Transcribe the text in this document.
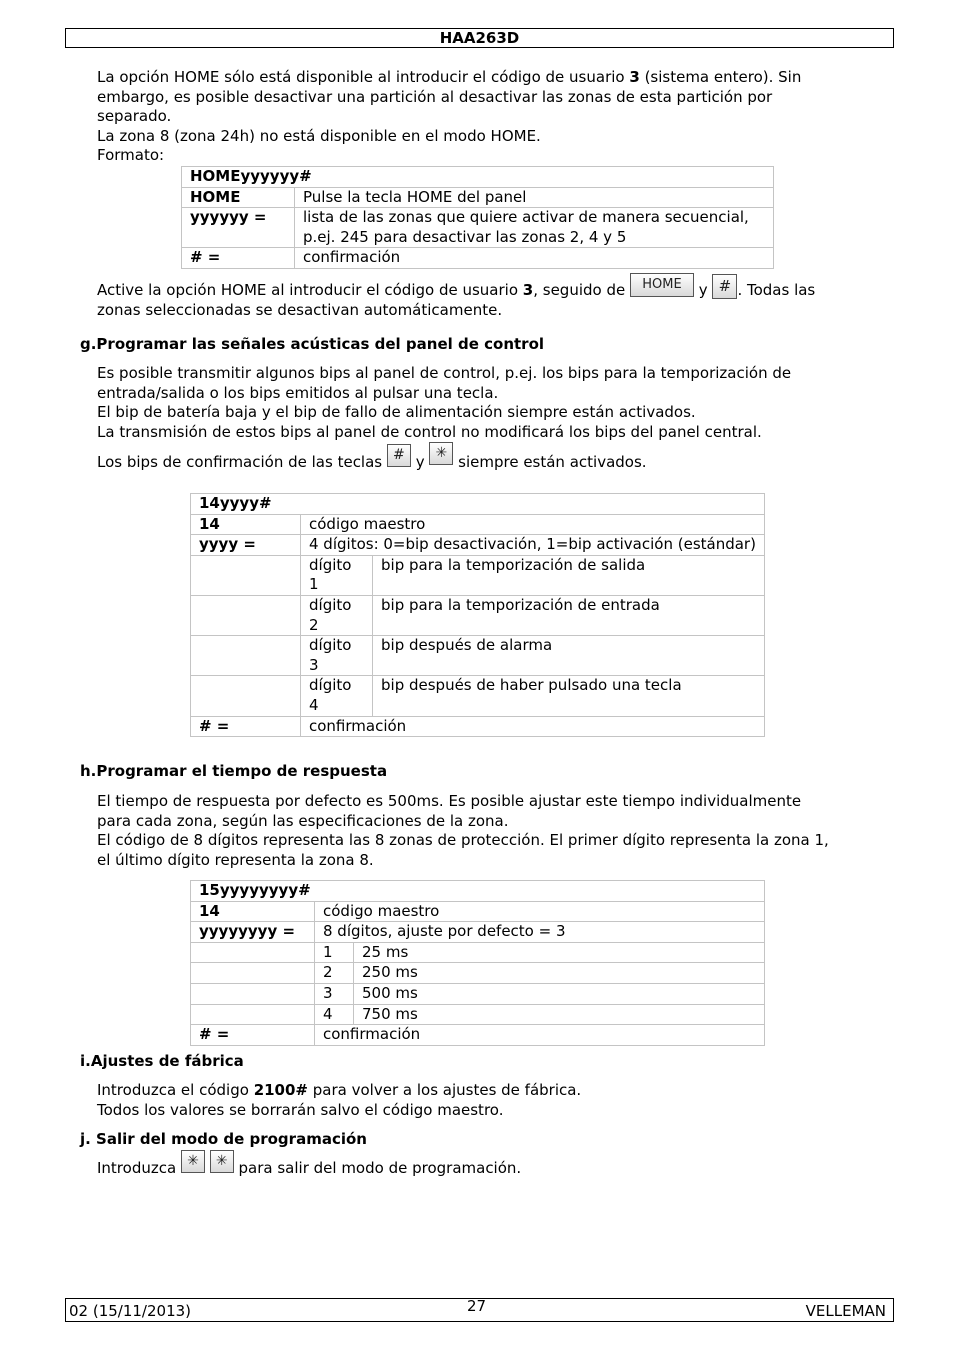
HAA263D

La opción HOME sólo está disponible al introducir el código de usuario 3 (sistema entero). Sin
embargo, es posible desactivar una partición al desactivar las zonas de esta partición por
separado.
La zona 8 (zona 24h) no está disponible en el modo HOME.
Formato:

HOMEyyyyyy#	
HOME	Pulse la tecla HOME del panel
yyyyyy =	lista de las zonas que quiere activar de manera secuencial, p.ej. 245 para desactivar las zonas 2, 4 y 5
# =	confirmación

Active la opción HOME al introducir el código de usuario 3, seguido de HOME y # . Todas las
zonas seleccionadas se desactivan automáticamente.

g.Programar las señales acústicas del panel de control

Es posible transmitir algunos bips al panel de control, p.ej. los bips para la temporización de
entrada/salida o los bips emitidos al pulsar una tecla.
El bip de batería baja y el bip de fallo de alimentación siempre están activados.
La transmisión de estos bips al panel de control no modificará los bips del panel central.

Los bips de confirmación de las teclas # y ✳ siempre están activados.

14yyyy#		
14	código maestro	
yyyy =	4 dígitos: 0=bip desactivación, 1=bip activación (estándar)	
	dígito 1	bip para la temporización de salida
	dígito 2	bip para la temporización de entrada
	dígito 3	bip después de alarma
	dígito 4	bip después de haber pulsado una tecla
# =	confirmación	

h.Programar el tiempo de respuesta

El tiempo de respuesta por defecto es 500ms. Es posible ajustar este tiempo individualmente
para cada zona, según las especificaciones de la zona.
El código de 8 dígitos representa las 8 zonas de protección. El primer dígito representa la zona 1,
el último dígito representa la zona 8.

15yyyyyyyy#		
14	código maestro	
yyyyyyyy =	8 dígitos, ajuste por defecto = 3	
	1	25 ms
	2	250 ms
	3	500 ms
	4	750 ms
# =	confirmación	

i.Ajustes de fábrica

Introduzca el código 2100# para volver a los ajustes de fábrica.
Todos los valores se borrarán salvo el código maestro.

j. Salir del modo de programación

Introduzca ✳ ✳ para salir del modo de programación.

02 (15/11/2013)	VELLEMAN
27
